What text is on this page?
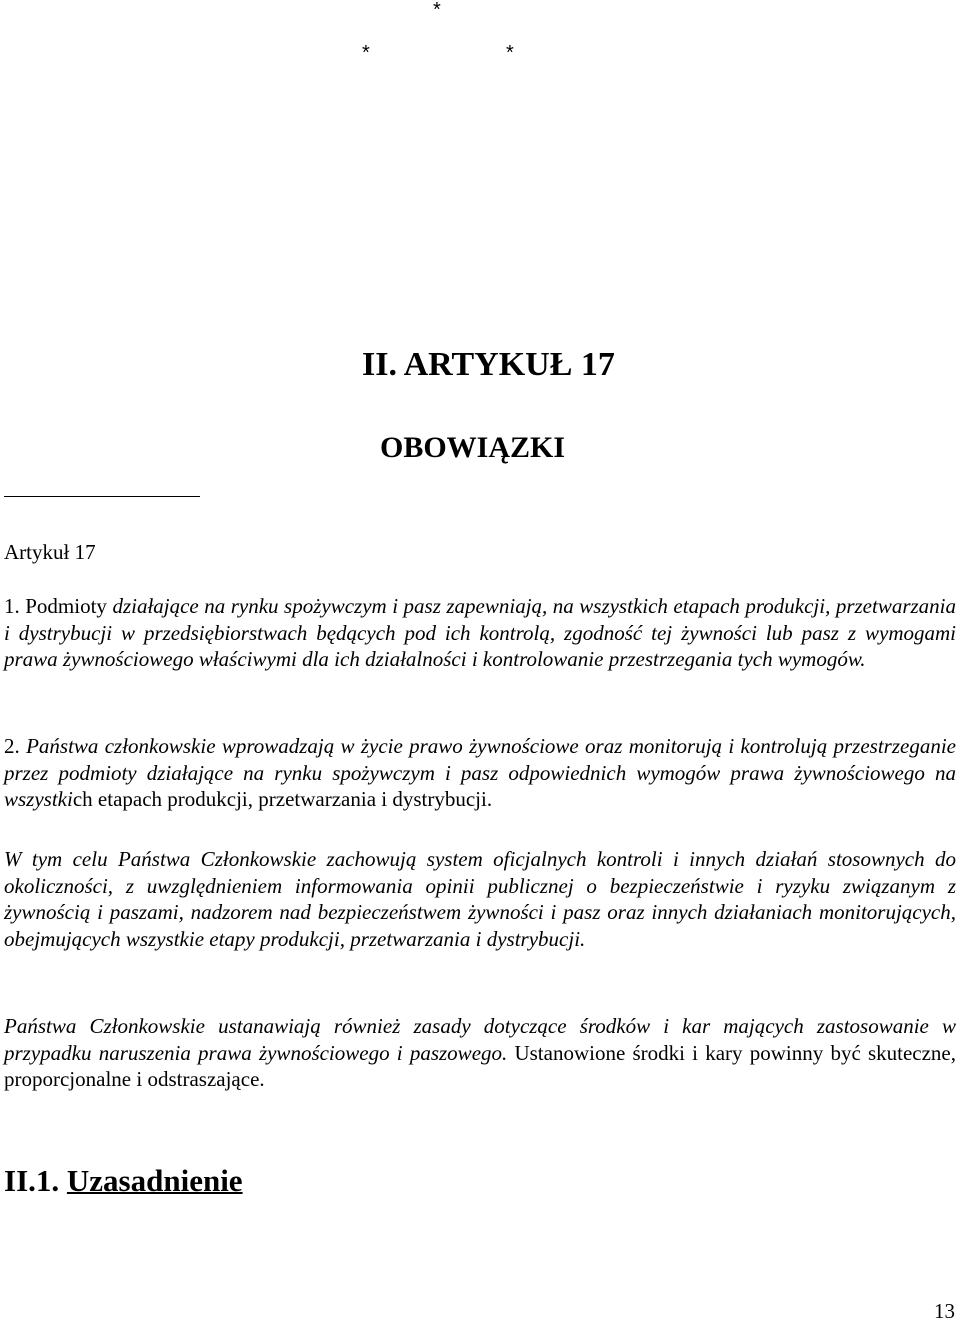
*
*	*
II. ARTYKUŁ 17
OBOWIĄZKI
Artykuł 17

1. Podmioty działające na rynku spożywczym i pasz zapewniają, na wszystkich etapach produkcji, przetwarzania i dystrybucji w przedsiębiorstwach będących pod ich kontrolą, zgodność tej żywności lub pasz z wymogami prawa żywnościowego właściwymi dla ich działalności i kontrolowanie przestrzegania tych wymogów.

2. Państwa członkowskie wprowadzają w życie prawo żywnościowe oraz monitorują i kontrolują przestrzeganie przez podmioty działające na rynku spożywczym i pasz odpowiednich wymogów prawa żywnościowego na wszystkich etapach produkcji, przetwarzania i dystrybucji.

W tym celu Państwa Członkowskie zachowują system oficjalnych kontroli i innych działań stosownych do okoliczności, z uwzględnieniem informowania opinii publicznej o bezpieczeństwie i ryzyku związanym z żywnością i paszami, nadzorem nad bezpieczeństwem żywności i pasz oraz innych działaniach monitorujących, obejmujących wszystkie etapy produkcji, przetwarzania i dystrybucji.

Państwa Członkowskie ustanawiają również zasady dotyczące środków i kar mających zastosowanie w przypadku naruszenia prawa żywnościowego i paszowego. Ustanowione środki i kary powinny być skuteczne, proporcjonalne i odstraszające.

II.1. Uzasadnienie
13
